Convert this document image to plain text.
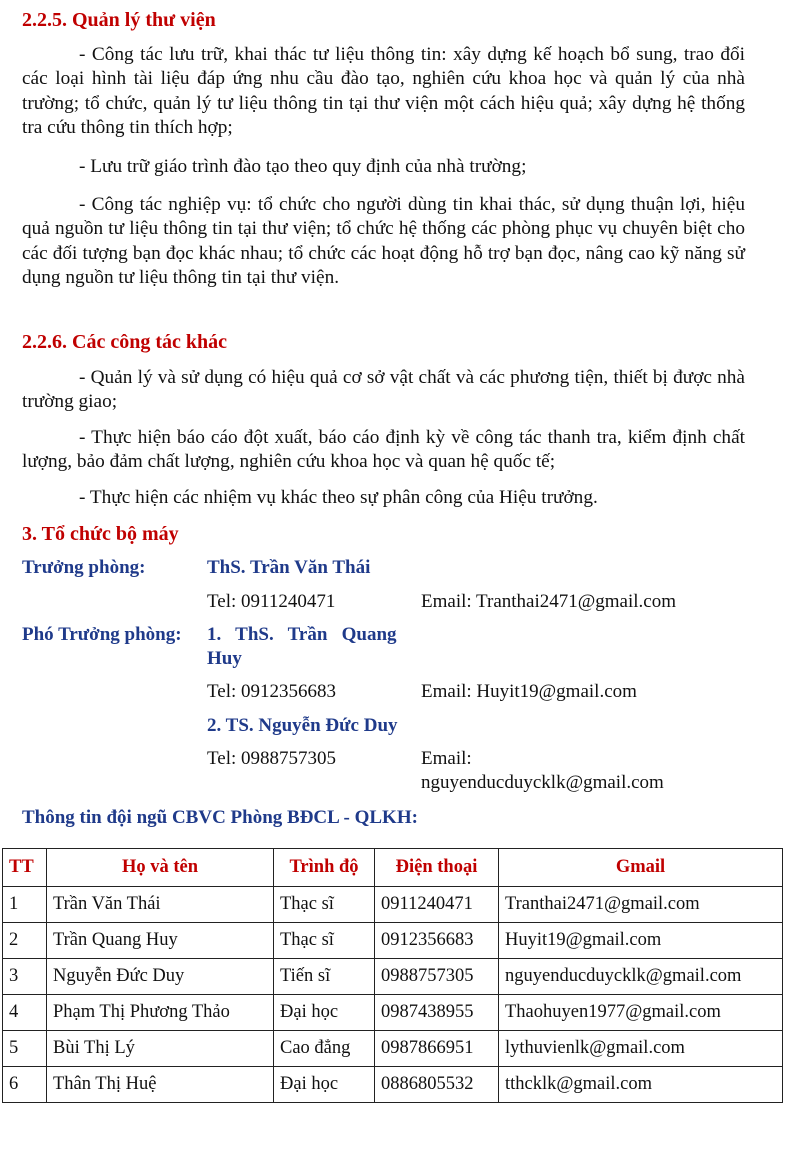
2.2.5. Quản lý thư viện

- Công tác lưu trữ, khai thác tư liệu thông tin: xây dựng kế hoạch bổ sung, trao đổi các loại hình tài liệu đáp ứng nhu cầu đào tạo, nghiên cứu khoa học và quản lý của nhà trường; tổ chức, quản lý tư liệu thông tin tại thư viện một cách hiệu quả; xây dựng hệ thống tra cứu thông tin thích hợp;

- Lưu trữ giáo trình đào tạo theo quy định của nhà trường;

- Công tác nghiệp vụ: tổ chức cho người dùng tin khai thác, sử dụng thuận lợi, hiệu quả nguồn tư liệu thông tin tại thư viện; tổ chức hệ thống các phòng phục vụ chuyên biệt cho các đối tượng bạn đọc khác nhau; tổ chức các hoạt động hỗ trợ bạn đọc, nâng cao kỹ năng sử dụng nguồn tư liệu thông tin tại thư viện.

2.2.6. Các công tác khác

- Quản lý và sử dụng có hiệu quả cơ sở vật chất và các phương tiện, thiết bị được nhà trường giao;

- Thực hiện báo cáo đột xuất, báo cáo định kỳ về công tác thanh tra, kiểm định chất lượng, bảo đảm chất lượng, nghiên cứu khoa học và quan hệ quốc tế;

- Thực hiện các nhiệm vụ khác theo sự phân công của Hiệu trưởng.

3. Tổ chức bộ máy
Trưởng phòng:	ThS. Trần Văn Thái
Tel: 0911240471	Email: Tranthai2471@gmail.com
Phó Trưởng phòng: 1.   ThS.   Trần   Quang Huy
Tel: 0912356683	Email: Huyit19@gmail.com
2. TS. Nguyễn Đức Duy
Tel: 0988757305	Email:
nguyenducduycklk@gmail.com
Thông tin đội ngũ CBVC Phòng BĐCL - QLKH:
TT	Họ và tên	Trình độ	Điện thoại	Gmail
1	Trần Văn Thái	Thạc sĩ	0911240471	Tranthai2471@gmail.com
2	Trần Quang Huy	Thạc sĩ	0912356683	Huyit19@gmail.com
3	Nguyễn Đức Duy	Tiến sĩ	0988757305	nguyenducduycklk@gmail.com
4	Phạm Thị Phương Thảo	Đại học	0987438955	Thaohuyen1977@gmail.com
5	Bùi Thị Lý	Cao đẳng	0987866951	lythuvienlk@gmail.com
6	Thân Thị Huệ	Đại học	0886805532	tthcklk@gmail.com
